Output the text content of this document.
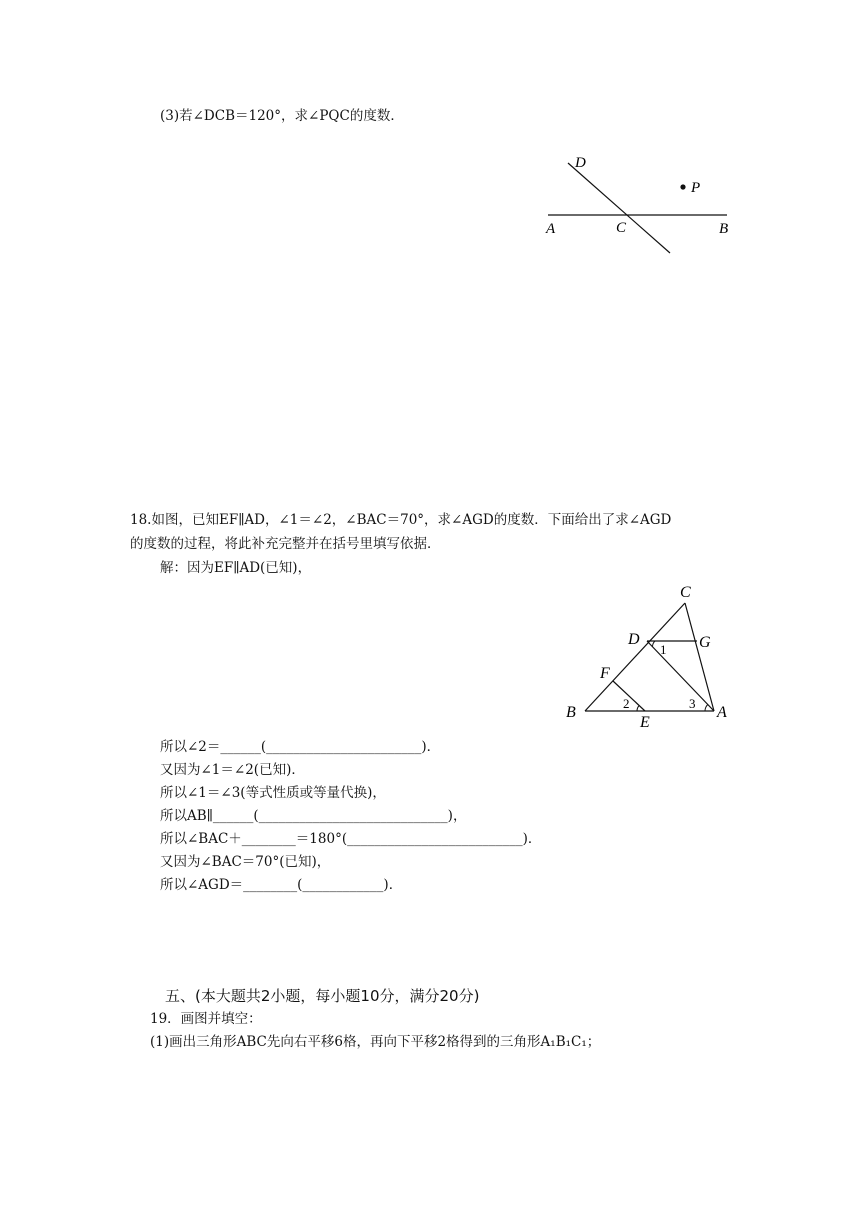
(3)若∠DCB＝120°，求∠PQC的度数．
D
P
A	C	B
C
D	G
F
B
E
A
1
2	3
18.如图，已知EF∥AD，∠1＝∠2，∠BAC＝70°，求∠AGD的度数．下面给出了求∠AGD
的度数的过程，将此补充完整并在括号里填写依据．
解：因为EF∥AD(已知)，
所以∠2＝______(_______________________)．
又因为∠1＝∠2(已知)．
所以∠1＝∠3(等式性质或等量代换)，
所以AB∥______(____________________________)，
所以∠BAC＋________＝180°(__________________________)．
又因为∠BAC＝70°(已知)，
所以∠AGD＝________(____________)．
五、(本大题共2小题，每小题10分，满分20分)
19．画图并填空：
(1)画出三角形ABC先向右平移6格，再向下平移2格得到的三角形A₁B₁C₁；
